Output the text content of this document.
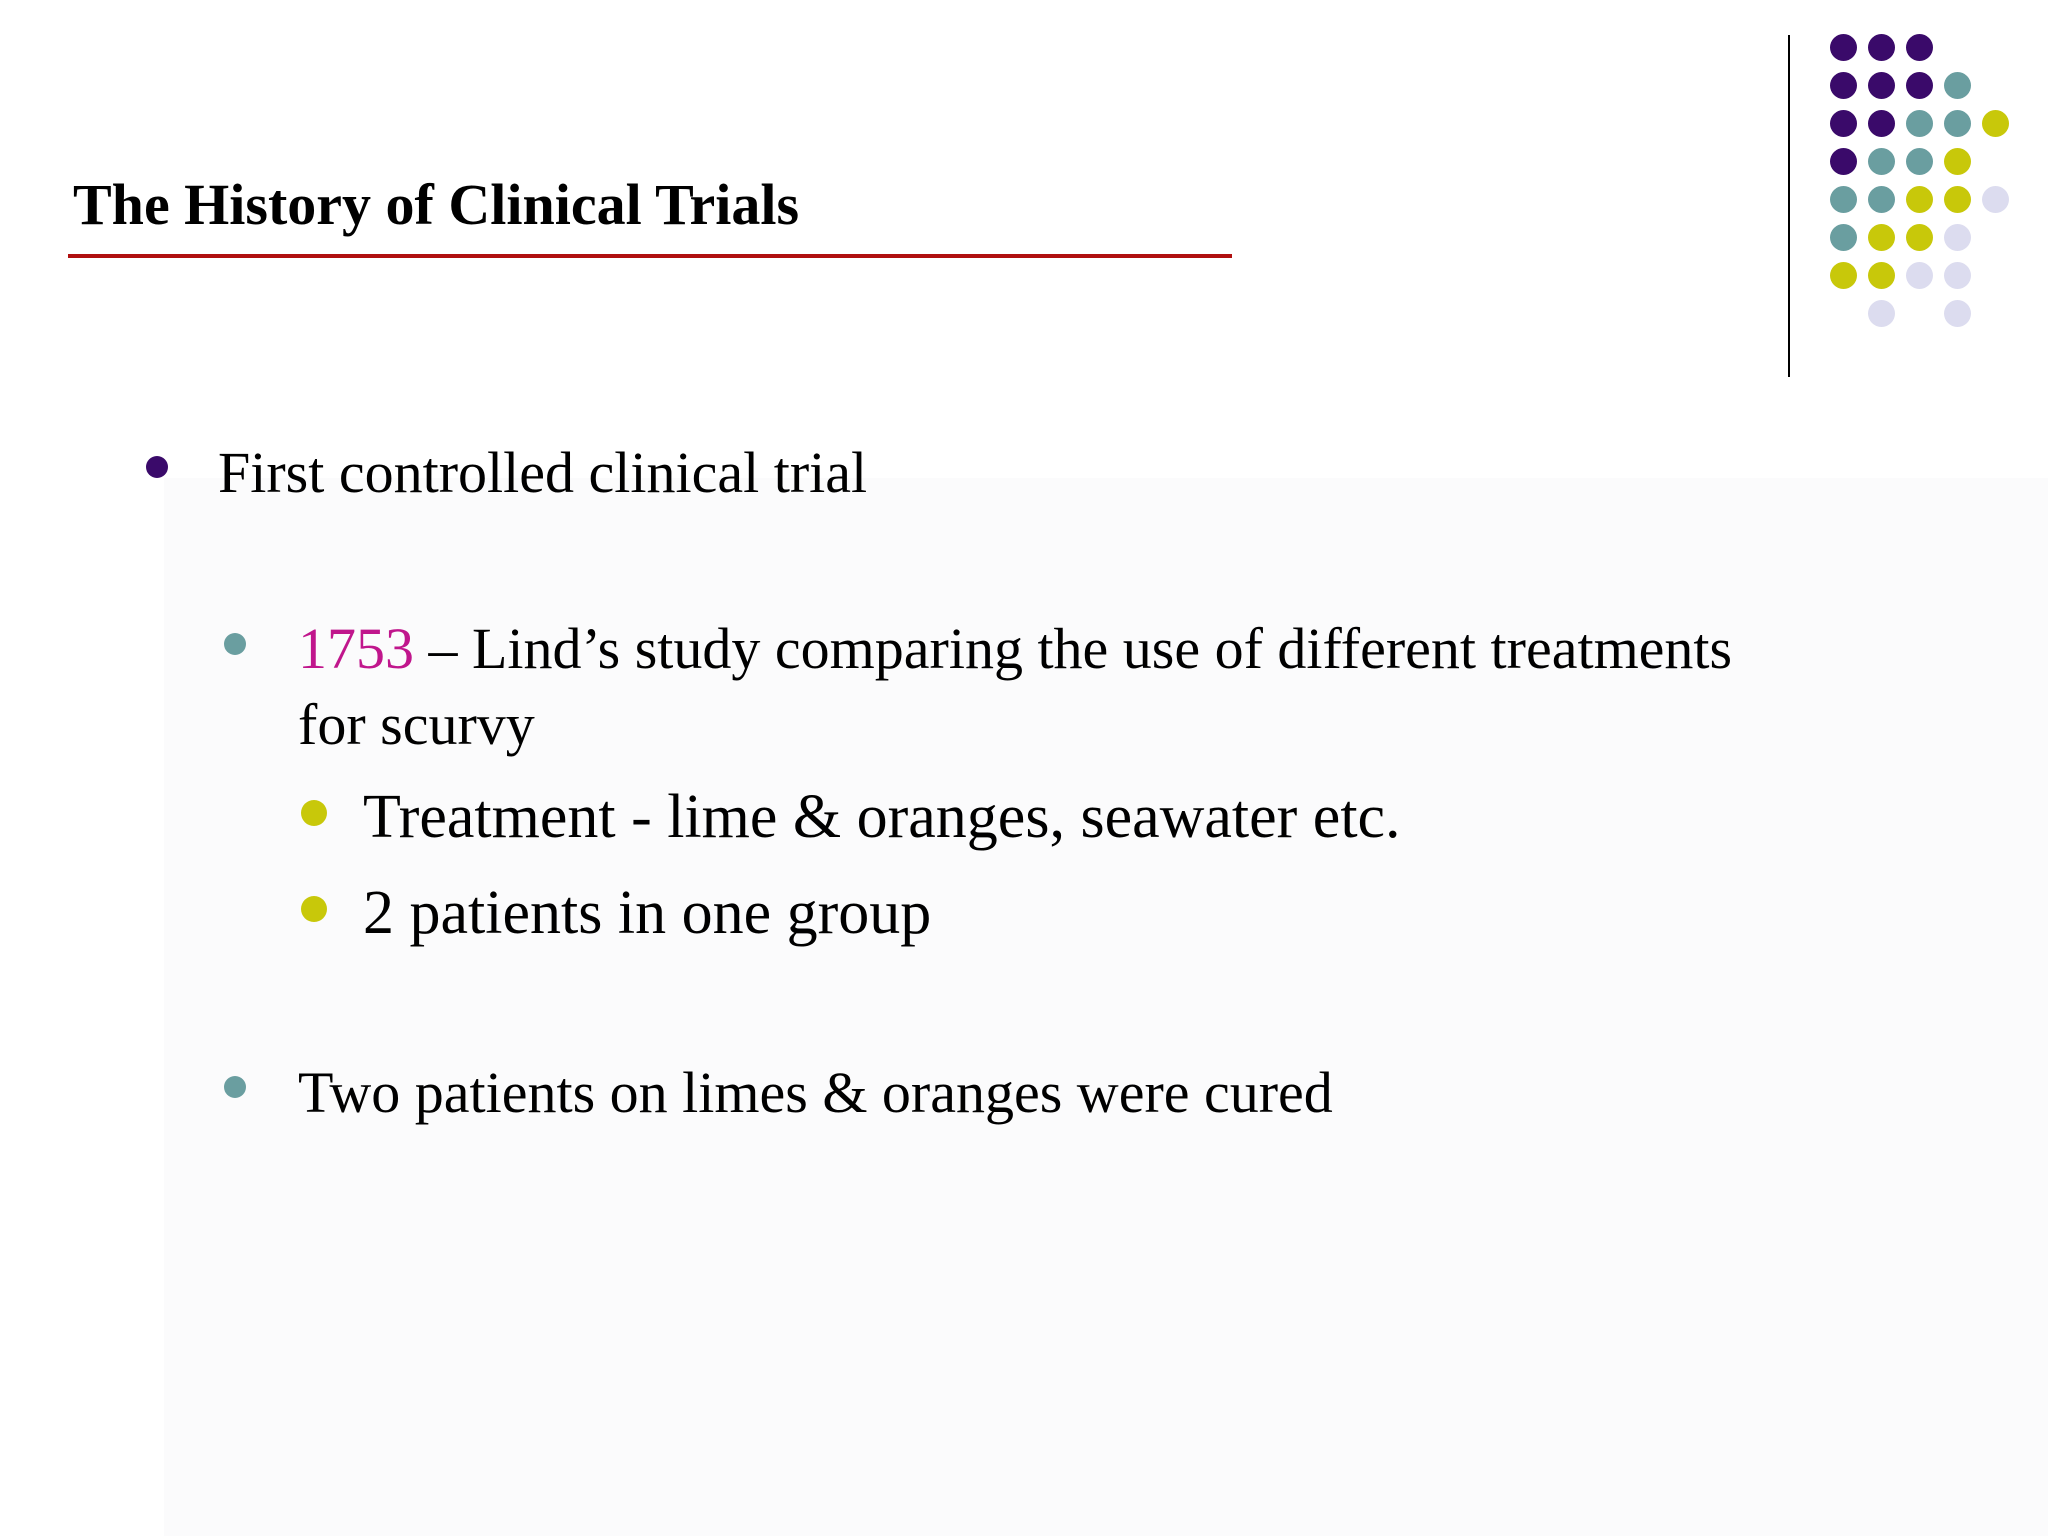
The History of Clinical Trials
First controlled clinical trial
1753 – Lind’s study comparing the use of different treatments
for scurvy
Treatment - lime & oranges, seawater etc.
2 patients in one group
Two patients on limes & oranges were cured
